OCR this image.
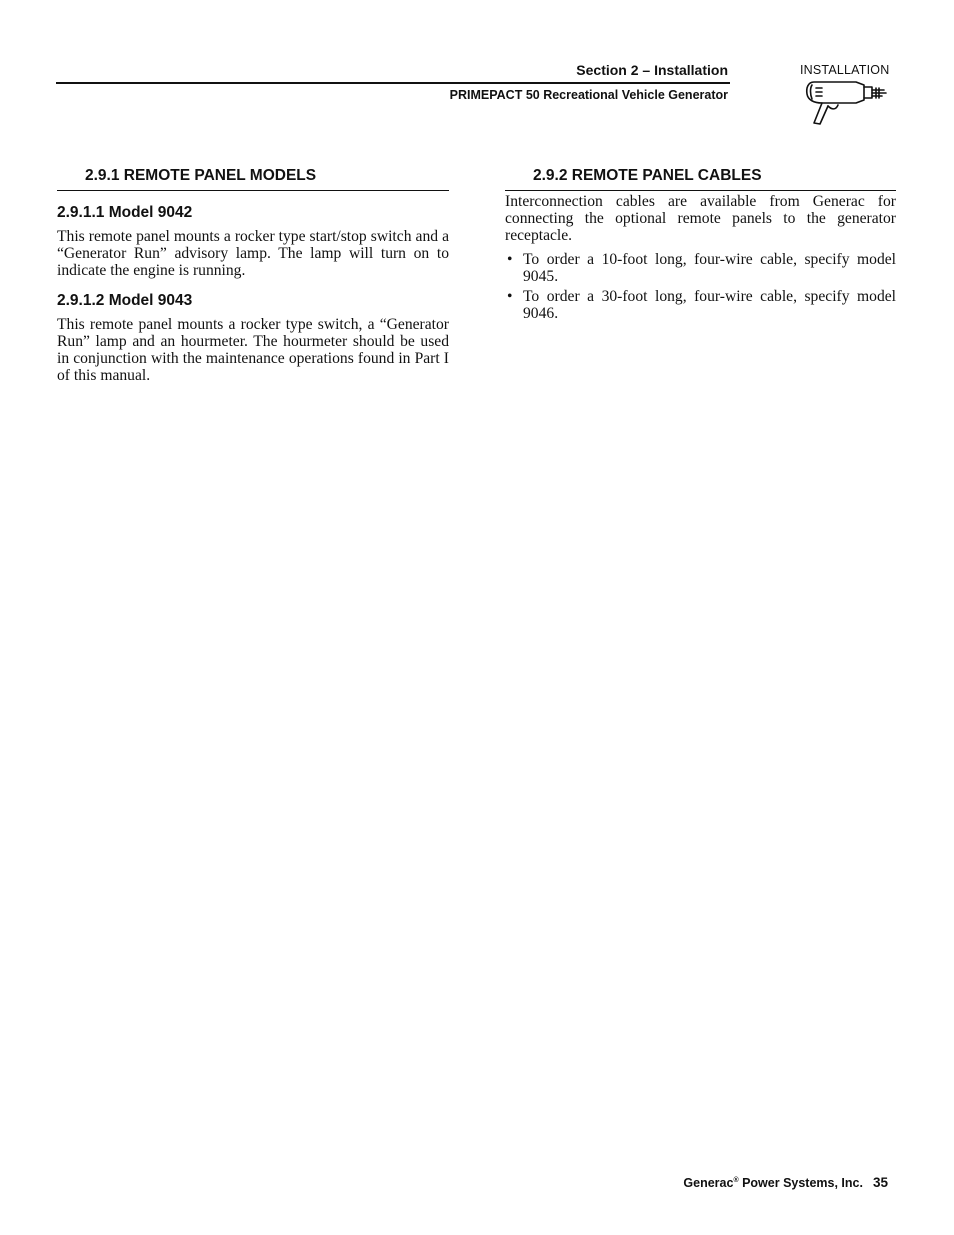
Section 2 – Installation
PRIMEPACT 50 Recreational Vehicle Generator
INSTALLATION
2.9.1 REMOTE PANEL MODELS
2.9.1.1 Model 9042

This remote panel mounts a rocker type start/stop switch and a “Generator Run” advisory lamp. The lamp will turn on to indicate the engine is running.

2.9.1.2 Model 9043

This remote panel mounts a rocker type switch, a “Generator Run” lamp and an hourmeter. The hourmeter should be used in conjunction with the maintenance operations found in Part I of this manual.

2.9.2 REMOTE PANEL CABLES

Interconnection cables are available from Generac for connecting the optional remote panels to the generator receptacle.

• To order a 10-foot long, four-wire cable, specify model 9045.
• To order a 30-foot long, four-wire cable, specify model 9046.
Generac® Power Systems, Inc. 35
